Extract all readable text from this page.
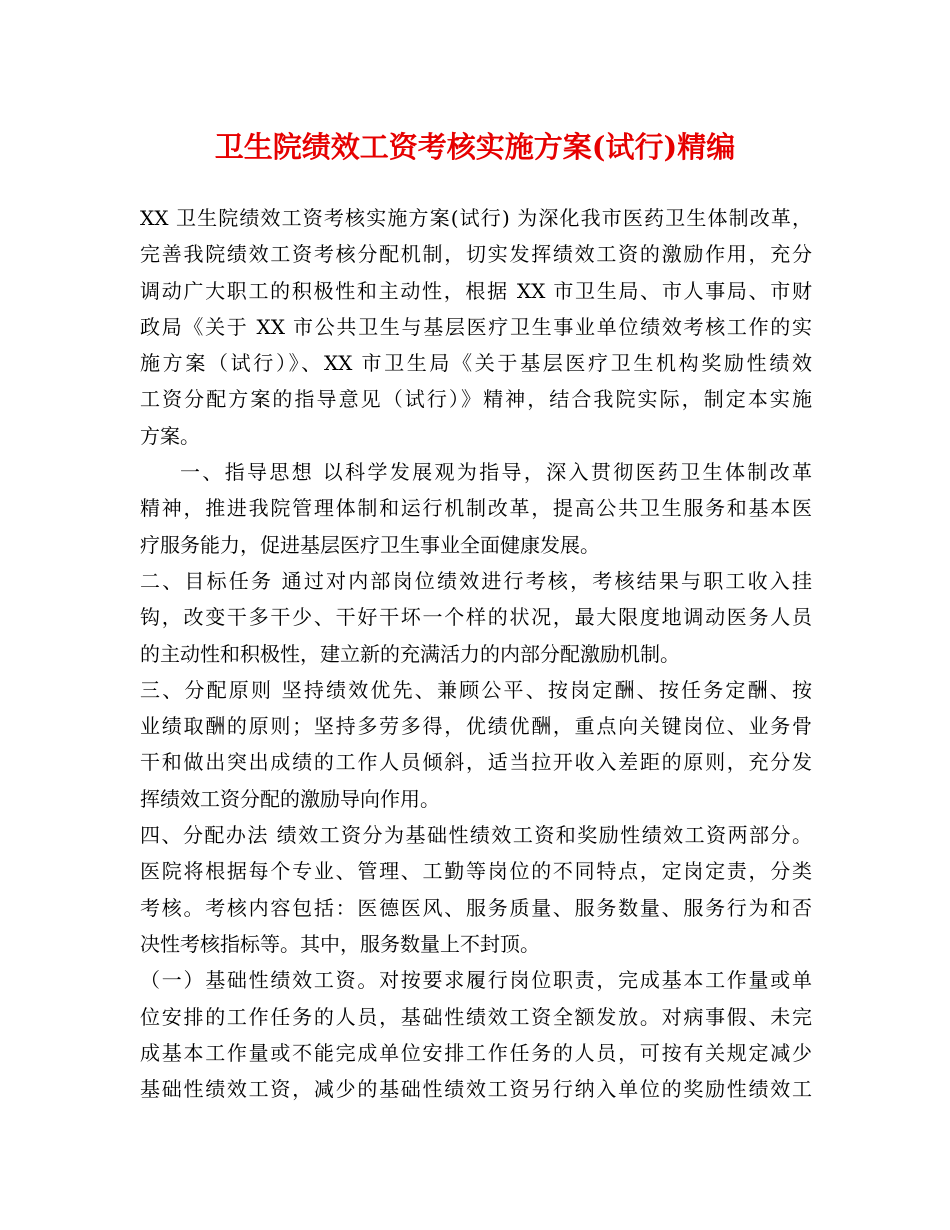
卫生院绩效工资考核实施方案(试行)精编
XX 卫生院绩效工资考核实施方案(试行) 为深化我市医药卫生体制改革，
完善我院绩效工资考核分配机制，切实发挥绩效工资的激励作用，充分
调动广大职工的积极性和主动性，根据 XX 市卫生局、市人事局、市财
政局《关于 XX 市公共卫生与基层医疗卫生事业单位绩效考核工作的实
施方案（试行）》、XX 市卫生局《关于基层医疗卫生机构奖励性绩效
工资分配方案的指导意见（试行）》精神，结合我院实际，制定本实施
方案。
一、指导思想 以科学发展观为指导，深入贯彻医药卫生体制改革
精神，推进我院管理体制和运行机制改革，提高公共卫生服务和基本医
疗服务能力，促进基层医疗卫生事业全面健康发展。
二、目标任务 通过对内部岗位绩效进行考核，考核结果与职工收入挂
钩，改变干多干少、干好干坏一个样的状况，最大限度地调动医务人员
的主动性和积极性，建立新的充满活力的内部分配激励机制。
三、分配原则 坚持绩效优先、兼顾公平、按岗定酬、按任务定酬、按
业绩取酬的原则；坚持多劳多得，优绩优酬，重点向关键岗位、业务骨
干和做出突出成绩的工作人员倾斜，适当拉开收入差距的原则，充分发
挥绩效工资分配的激励导向作用。
四、分配办法 绩效工资分为基础性绩效工资和奖励性绩效工资两部分。
医院将根据每个专业、管理、工勤等岗位的不同特点，定岗定责，分类
考核。考核内容包括：医德医风、服务质量、服务数量、服务行为和否
决性考核指标等。其中，服务数量上不封顶。
（一）基础性绩效工资。对按要求履行岗位职责，完成基本工作量或单
位安排的工作任务的人员，基础性绩效工资全额发放。对病事假、未完
成基本工作量或不能完成单位安排工作任务的人员，可按有关规定减少
基础性绩效工资，减少的基础性绩效工资另行纳入单位的奖励性绩效工
